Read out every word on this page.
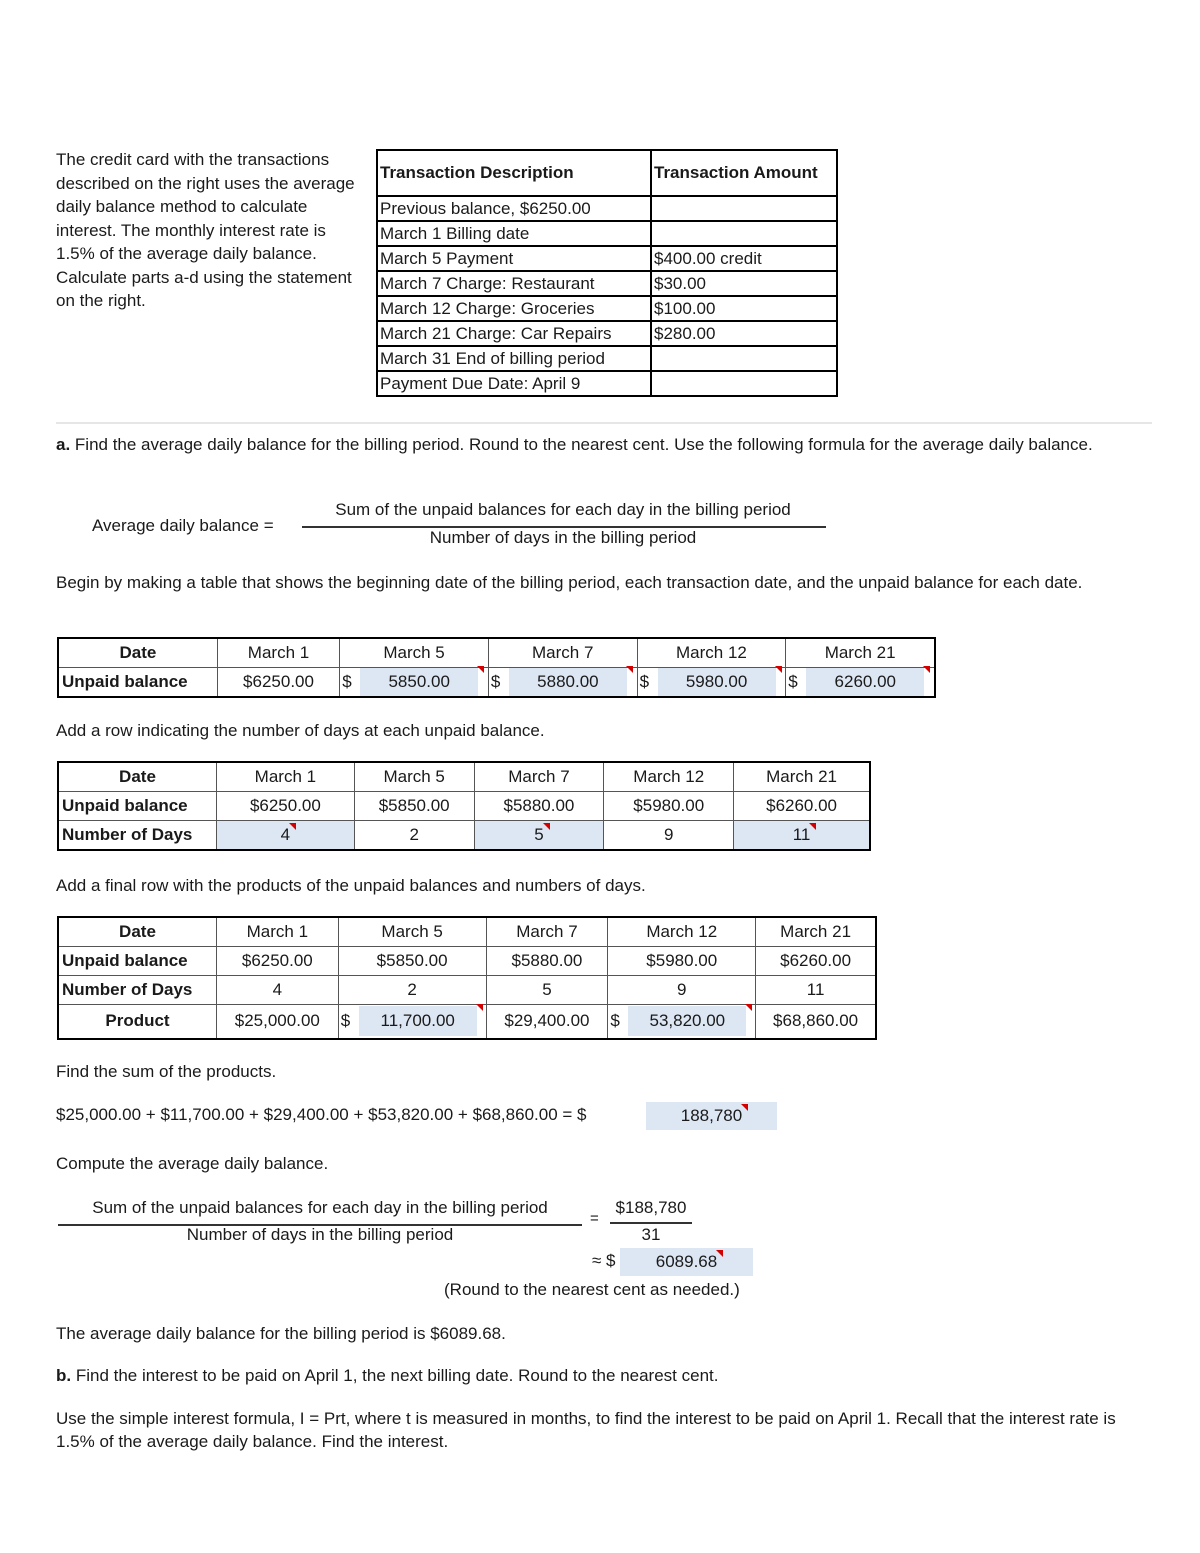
The credit card with the transactions described on the right uses the average daily balance method to calculate interest. The monthly interest rate is 1.5% of the average daily balance. Calculate parts a-d using the statement on the right.
Transaction Description	Transaction Amount
Previous balance, $6250.00	
March 1 Billing date	
March 5 Payment	$400.00 credit
March 7 Charge: Restaurant	$30.00
March 12 Charge: Groceries	$100.00
March 21 Charge: Car Repairs	$280.00
March 31 End of billing period	
Payment Due Date: April 9	
a. Find the average daily balance for the billing period. Round to the nearest cent. Use the following formula for the average daily balance.
Average daily balance =
Sum of the unpaid balances for each day in the billing period
Number of days in the billing period
Begin by making a table that shows the beginning date of the billing period, each transaction date, and the unpaid balance for each date.
Date	March 1	March 5	March 7	March 12	March 21
Unpaid balance	$6250.00	$ 5850.00	$ 5880.00	$ 5980.00	$ 6260.00
Add a row indicating the number of days at each unpaid balance.
Date	March 1	March 5	March 7	March 12	March 21
Unpaid balance	$6250.00	$5850.00	$5880.00	$5980.00	$6260.00
Number of Days	4	2	5	9	11
Add a final row with the products of the unpaid balances and numbers of days.
Date	March 1	March 5	March 7	March 12	March 21
Unpaid balance	$6250.00	$5850.00	$5880.00	$5980.00	$6260.00
Number of Days	4	2	5	9	11
Product	$25,000.00	$ 11,700.00	$29,400.00	$ 53,820.00	$68,860.00
Find the sum of the products.
$25,000.00 + $11,700.00 + $29,400.00 + $53,820.00 + $68,860.00 = $	188,780
Compute the average daily balance.
Sum of the unpaid balances for each day in the billing period
Number of days in the billing period
=
$188,780
31
≈ $	6089.68
(Round to the nearest cent as needed.)
The average daily balance for the billing period is $6089.68.
b. Find the interest to be paid on April 1, the next billing date. Round to the nearest cent.
Use the simple interest formula, I = Prt, where t is measured in months, to find the interest to be paid on April 1. Recall that the interest rate is 1.5% of the average daily balance. Find the interest.
